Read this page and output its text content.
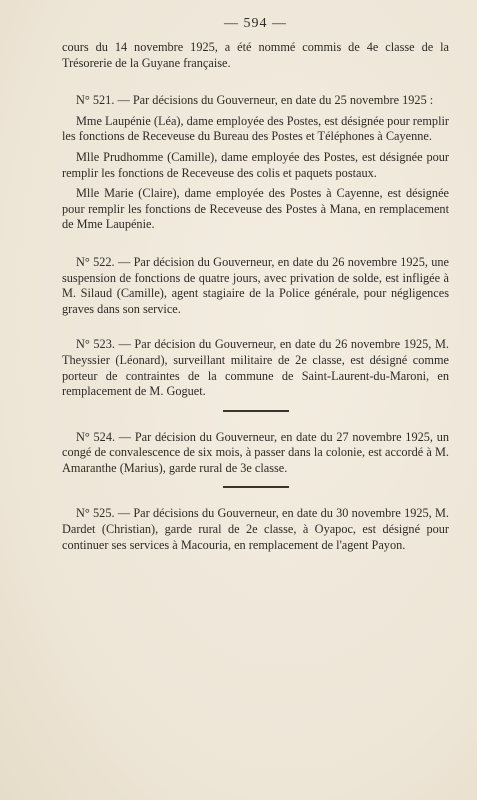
— 594 —

cours du 14 novembre 1925, a été nommé commis de 4e classe de la Trésorerie de la Guyane française.

N° 521. — Par décisions du Gouverneur, en date du 25 novembre 1925 :

Mme Laupénie (Léa), dame employée des Postes, est désignée pour remplir les fonctions de Receveuse du Bureau des Postes et Téléphones à Cayenne.

Mlle Prudhomme (Camille), dame employée des Postes, est désignée pour remplir les fonctions de Receveuse des colis et paquets postaux.

Mlle Marie (Claire), dame employée des Postes à Cayenne, est désignée pour remplir les fonctions de Receveuse des Postes à Mana, en remplacement de Mme Laupénie.

N° 522. — Par décision du Gouverneur, en date du 26 novembre 1925, une suspension de fonctions de quatre jours, avec privation de solde, est infligée à M. Silaud (Camille), agent stagiaire de la Police générale, pour négligences graves dans son service.

N° 523. — Par décision du Gouverneur, en date du 26 novembre 1925, M. Theyssier (Léonard), surveillant militaire de 2e classe, est désigné comme porteur de contraintes de la commune de Saint-Laurent-du-Maroni, en remplacement de M. Goguet.

N° 524. — Par décision du Gouverneur, en date du 27 novembre 1925, un congé de convalescence de six mois, à passer dans la colonie, est accordé à M. Amaranthe (Marius), garde rural de 3e classe.

N° 525. — Par décisions du Gouverneur, en date du 30 novembre 1925, M. Dardet (Christian), garde rural de 2e classe, à Oyapoc, est désigné pour continuer ses services à Macouria, en remplacement de l'agent Payon.
